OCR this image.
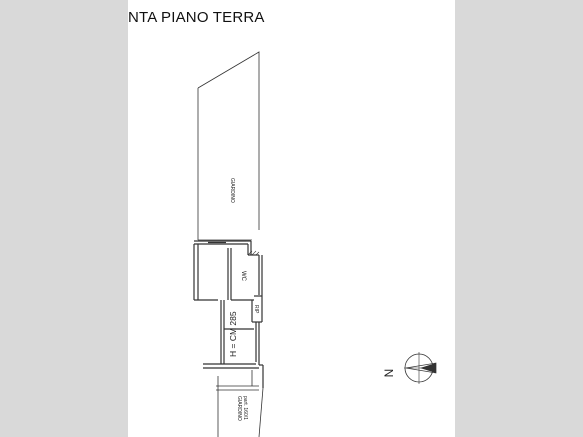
NTA PIANO TERRA
GIARDINO
WC
RIP
H = CM 285
GIARDINO part. 160/1
N
